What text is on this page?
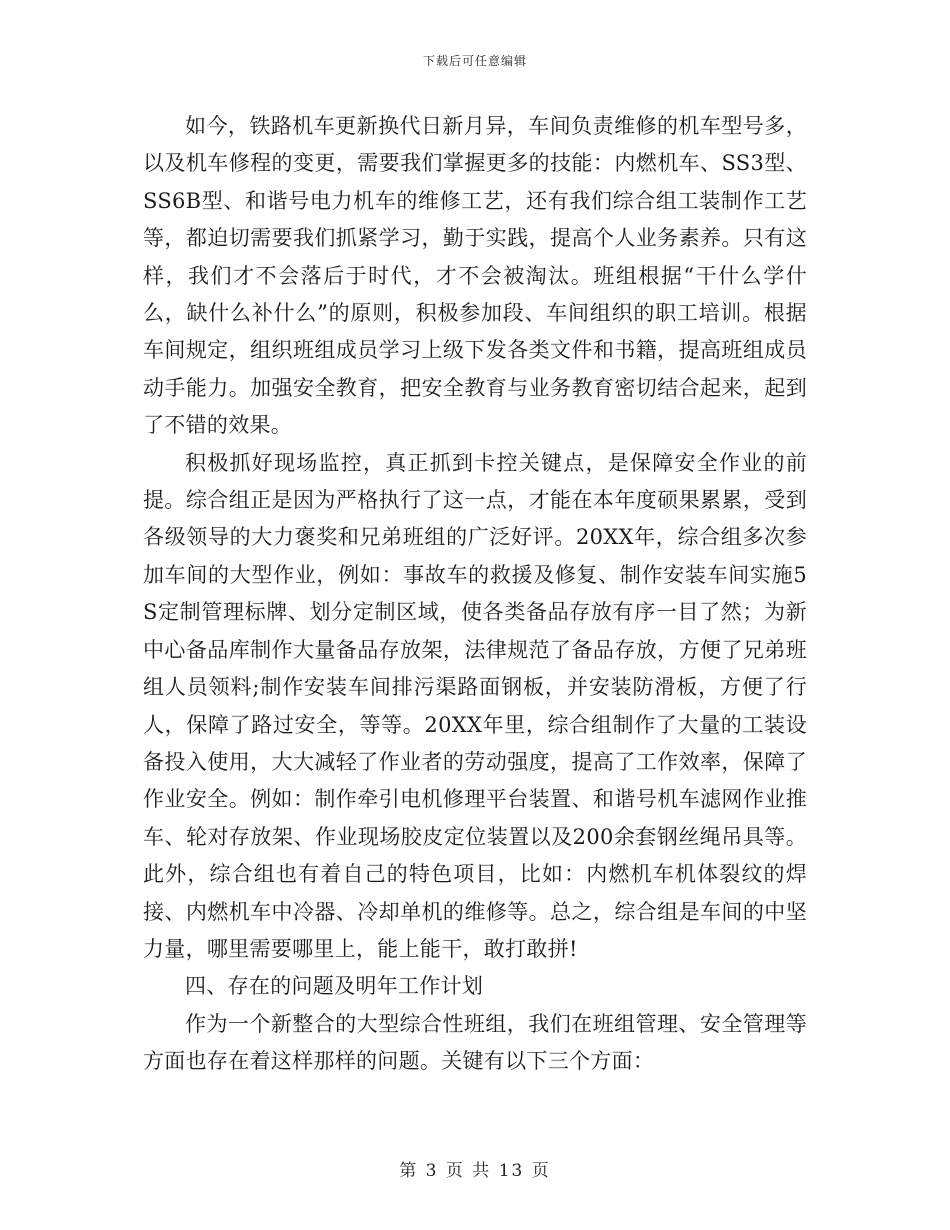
下载后可任意编辑

如今，铁路机车更新换代日新月异，车间负责维修的机车型号多，以及机车修程的变更，需要我们掌握更多的技能：内燃机车、SS3型、SS6B型、和谐号电力机车的维修工艺，还有我们综合组工装制作工艺等，都迫切需要我们抓紧学习，勤于实践，提高个人业务素养。只有这样，我们才不会落后于时代，才不会被淘汰。班组根据“干什么学什么，缺什么补什么”的原则，积极参加段、车间组织的职工培训。根据车间规定，组织班组成员学习上级下发各类文件和书籍，提高班组成员动手能力。加强安全教育，把安全教育与业务教育密切结合起来，起到了不错的效果。

积极抓好现场监控，真正抓到卡控关键点，是保障安全作业的前提。综合组正是因为严格执行了这一点，才能在本年度硕果累累，受到各级领导的大力褒奖和兄弟班组的广泛好评。20XX年，综合组多次参加车间的大型作业，例如：事故车的救援及修复、制作安装车间实施5S定制管理标牌、划分定制区域，使各类备品存放有序一目了然；为新中心备品库制作大量备品存放架，法律规范了备品存放，方便了兄弟班组人员领料;制作安装车间排污渠路面钢板，并安装防滑板，方便了行人，保障了路过安全，等等。20XX年里，综合组制作了大量的工装设备投入使用，大大减轻了作业者的劳动强度，提高了工作效率，保障了作业安全。例如：制作牵引电机修理平台装置、和谐号机车滤网作业推车、轮对存放架、作业现场胶皮定位装置以及200余套钢丝绳吊具等。此外，综合组也有着自己的特色项目，比如：内燃机车机体裂纹的焊接、内燃机车中冷器、冷却单机的维修等。总之，综合组是车间的中坚力量，哪里需要哪里上，能上能干，敢打敢拼!

四、存在的问题及明年工作计划

作为一个新整合的大型综合性班组，我们在班组管理、安全管理等方面也存在着这样那样的问题。关键有以下三个方面：

第 3 页 共 13 页
